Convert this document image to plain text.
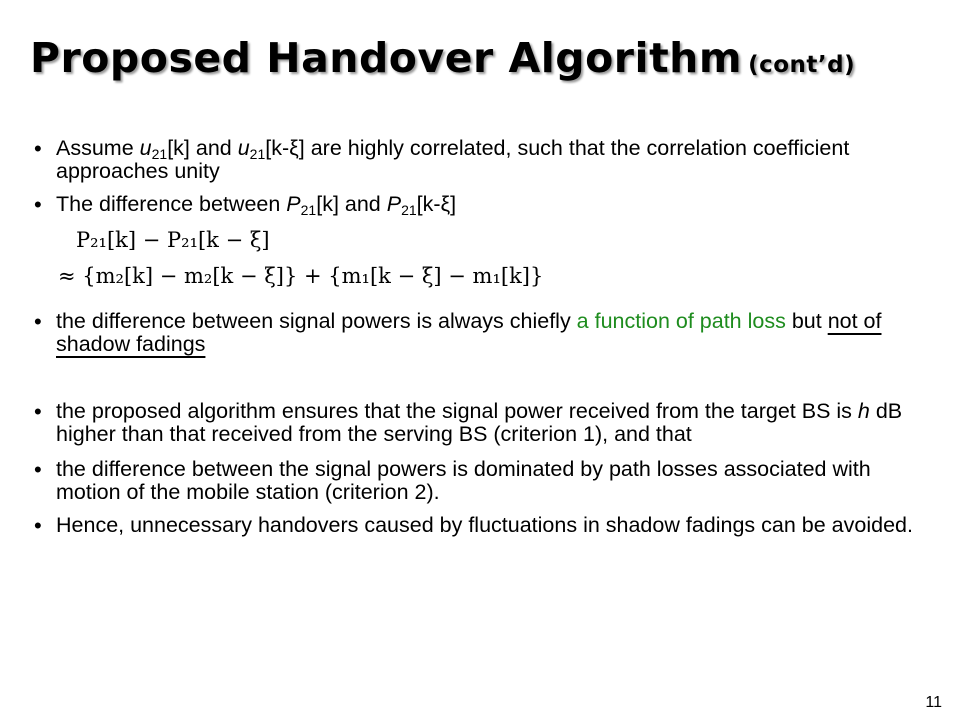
Proposed Handover Algorithm (cont’d)
• Assume $u_{21}[k]$ and $u_{21}[k-\xi]$ are highly correlated, such that the correlation coefficient approaches unity
• The difference between $P_{21}[k]$ and $P_{21}[k-\xi]$
P₂₁[k] − P₂₁[k − ξ]
≈ {m₂[k] − m₂[k − ξ]} + {m₁[k − ξ] − m₁[k]}
• the difference between signal powers is always chiefly a function of path loss but not of shadow fadings
• the proposed algorithm ensures that the signal power received from the target BS is h dB higher than that received from the serving BS (criterion 1), and that
• the difference between the signal powers is dominated by path losses associated with motion of the mobile station (criterion 2).
• Hence, unnecessary handovers caused by fluctuations in shadow fadings can be avoided.
11
